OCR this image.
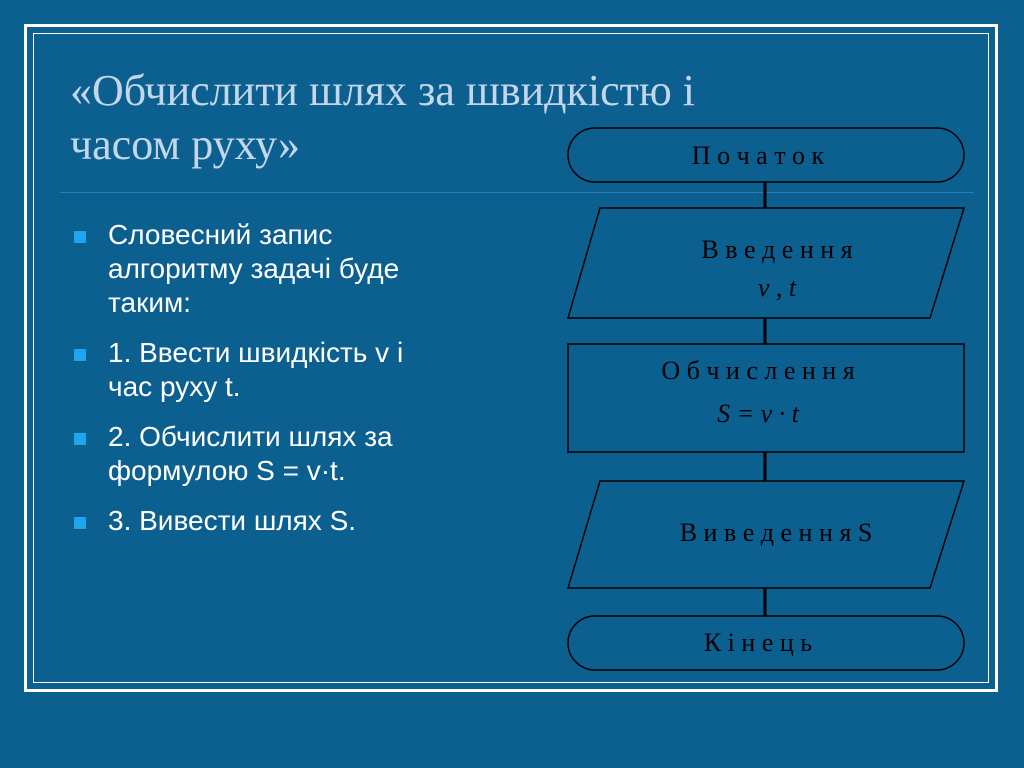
«Обчислити шлях за швидкістю і
часом руху»
Словесний запис
алгоритму задачі буде
таким:
1. Ввести швидкість v і
час руху t.
2. Обчислити шлях за
формулою S = v·t.
3. Вивести шлях S.
П о ч а т о к
В в е д е н н я
v , t
О б ч и с л е н н я
S = v · t
В и в е д е н н я S
К і н е ц ь
